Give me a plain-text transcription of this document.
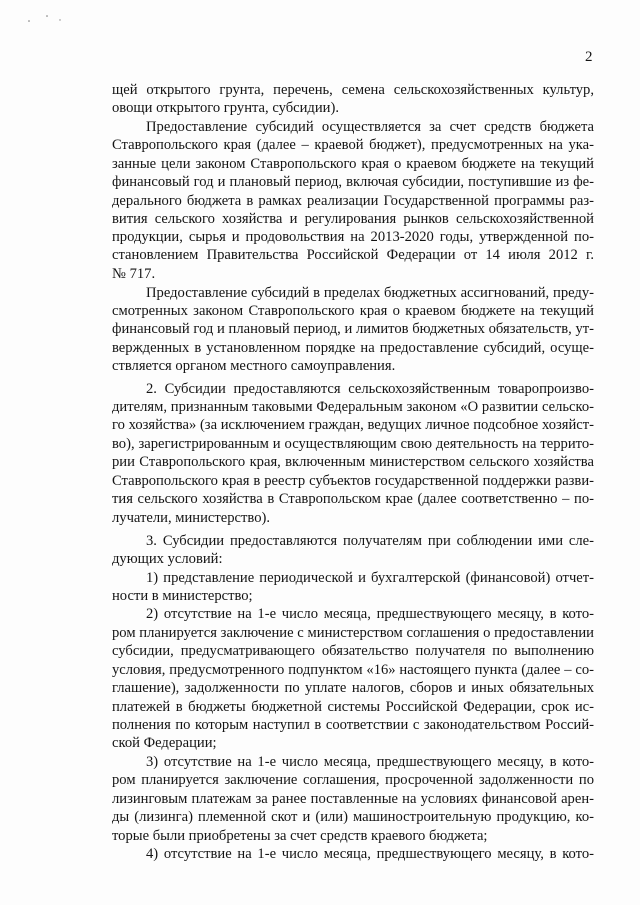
2
щей открытого грунта, перечень, семена сельскохозяйственных культур,
овощи открытого грунта, субсидии).
Предоставление субсидий осуществляется за счет средств бюджета
Ставропольского края (далее – краевой бюджет), предусмотренных на ука-
занные цели законом Ставропольского края о краевом бюджете на текущий
финансовый год и плановый период, включая субсидии, поступившие из фе-
дерального бюджета в рамках реализации Государственной программы раз-
вития сельского хозяйства и регулирования рынков сельскохозяйственной
продукции, сырья и продовольствия на 2013-2020 годы, утвержденной по-
становлением Правительства Российской Федерации от 14 июля 2012 г.
№ 717.
Предоставление субсидий в пределах бюджетных ассигнований, преду-
смотренных законом Ставропольского края о краевом бюджете на текущий
финансовый год и плановый период, и лимитов бюджетных обязательств, ут-
вержденных в установленном порядке на предоставление субсидий, осуще-
ствляется органом местного самоуправления.
2. Субсидии предоставляются сельскохозяйственным товаропроизво-
дителям, признанным таковыми Федеральным законом «О развитии сельско-
го хозяйства» (за исключением граждан, ведущих личное подсобное хозяйст-
во), зарегистрированным и осуществляющим свою деятельность на террито-
рии Ставропольского края, включенным министерством сельского хозяйства
Ставропольского края в реестр субъектов государственной поддержки разви-
тия сельского хозяйства в Ставропольском крае (далее соответственно – по-
лучатели, министерство).
3. Субсидии предоставляются получателям при соблюдении ими сле-
дующих условий:
1) представление периодической и бухгалтерской (финансовой) отчет-
ности в министерство;
2) отсутствие на 1-е число месяца, предшествующего месяцу, в кото-
ром планируется заключение с министерством соглашения о предоставлении
субсидии, предусматривающего обязательство получателя по выполнению
условия, предусмотренного подпунктом «16» настоящего пункта (далее – со-
глашение), задолженности по уплате налогов, сборов и иных обязательных
платежей в бюджеты бюджетной системы Российской Федерации, срок ис-
полнения по которым наступил в соответствии с законодательством Россий-
ской Федерации;
3) отсутствие на 1-е число месяца, предшествующего месяцу, в кото-
ром планируется заключение соглашения, просроченной задолженности по
лизинговым платежам за ранее поставленные на условиях финансовой арен-
ды (лизинга) племенной скот и (или) машиностроительную продукцию, ко-
торые были приобретены за счет средств краевого бюджета;
4) отсутствие на 1-е число месяца, предшествующего месяцу, в кото-
